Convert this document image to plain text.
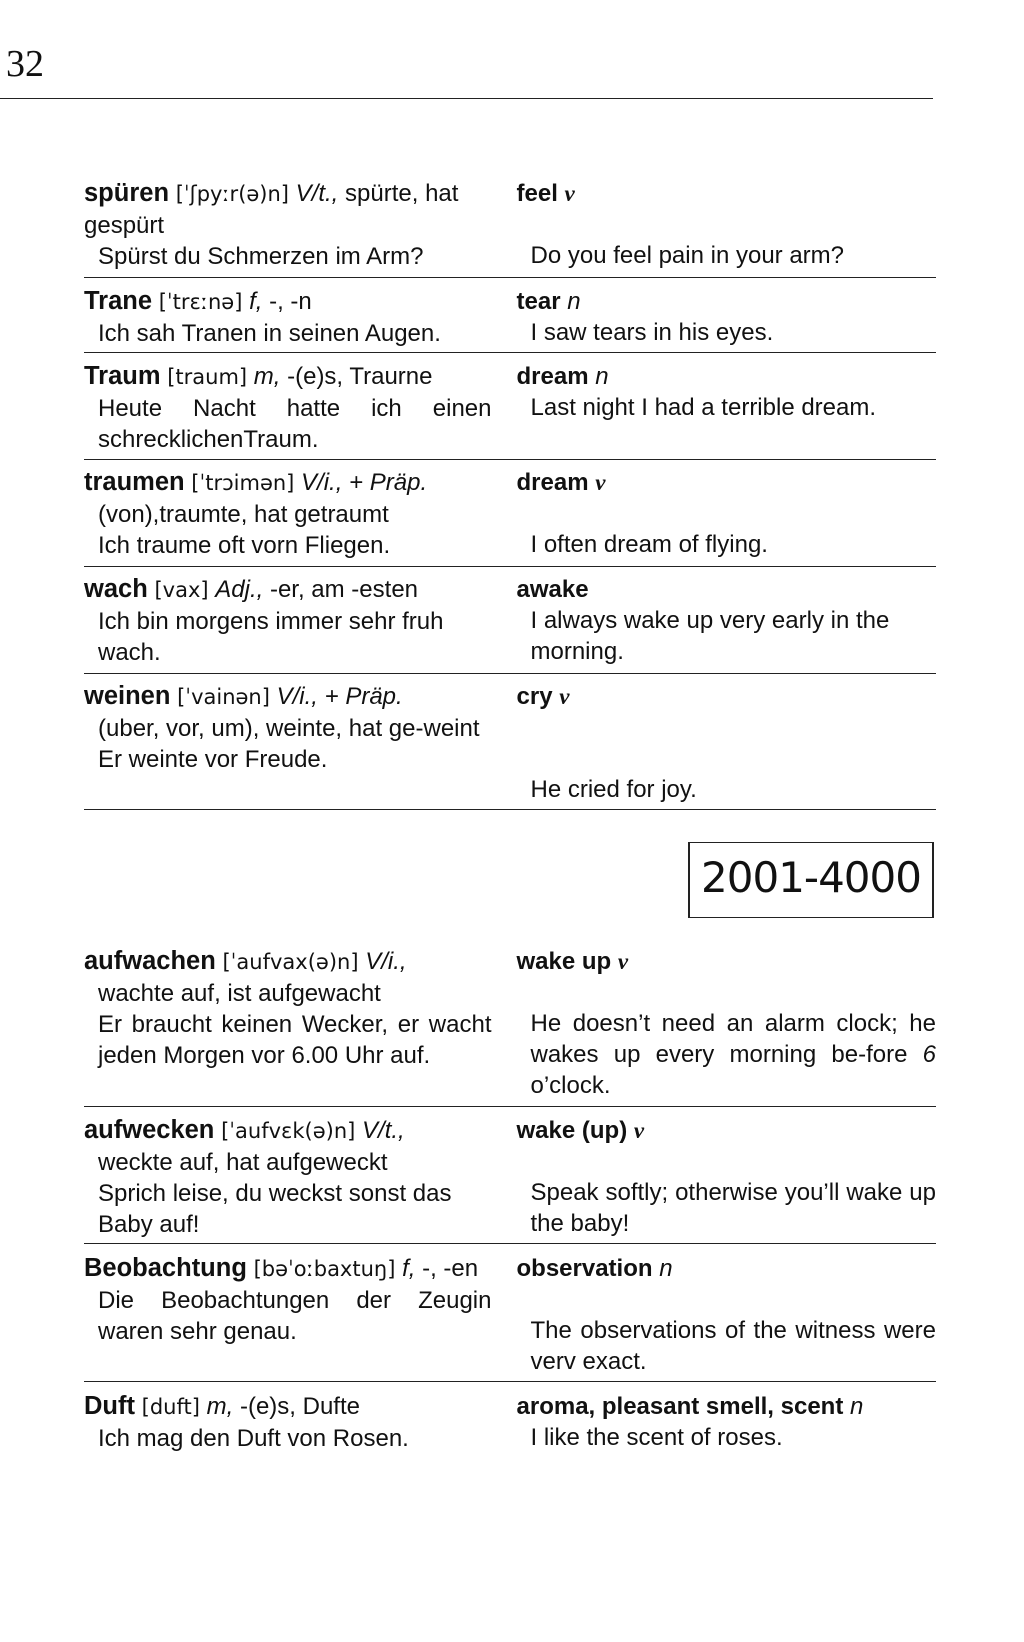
32
spüren [ˈʃpyːr(ə)n] V/t., spürte, hat gespürt
Spürst du Schmerzen im Arm?
feel v
Do you feel pain in your arm?
Trane [ˈtrɛːnə] f, -, -n
Ich sah Tranen in seinen Augen.
tear n
I saw tears in his eyes.
Traum [traum] m, -(e)s, Traurne
Heute Nacht hatte ich einen schrecklichenTraum.
dream n
Last night I had a terrible dream.
traumen [ˈtrɔimən] V/i., + Präp.
(von),traumte, hat getraumt
Ich traume oft vorn Fliegen.
dream v
I often dream of flying.
wach [vax] Adj., -er, am -esten
Ich bin morgens immer sehr fruh wach.
awake
I always wake up very early in the morning.
weinen [ˈvainən] V/i., + Präp.
(uber, vor, um), weinte, hat ge-weint
Er weinte vor Freude.
cry v
He cried for joy.
2001-4000
aufwachen [ˈaufvax(ə)n] V/i.,
wachte auf, ist aufgewacht
Er braucht keinen Wecker, er wacht jeden Morgen vor 6.00 Uhr auf.
wake up v
He doesn’t need an alarm clock; he wakes up every morning be-fore 6 o’clock.
aufwecken [ˈaufvɛk(ə)n] V/t.,
weckte auf, hat aufgeweckt
Sprich leise, du weckst sonst das Baby auf!
wake (up) v
Speak softly; otherwise you’ll wake up the baby!
Beobachtung [bəˈoːbaxtuŋ] f, -, -en
Die Beobachtungen der Zeugin waren sehr genau.
observation n
The observations of the witness were verv exact.
Duft [duft] m, -(e)s, Dufte
Ich mag den Duft von Rosen.
aroma, pleasant smell, scent n
I like the scent of roses.
